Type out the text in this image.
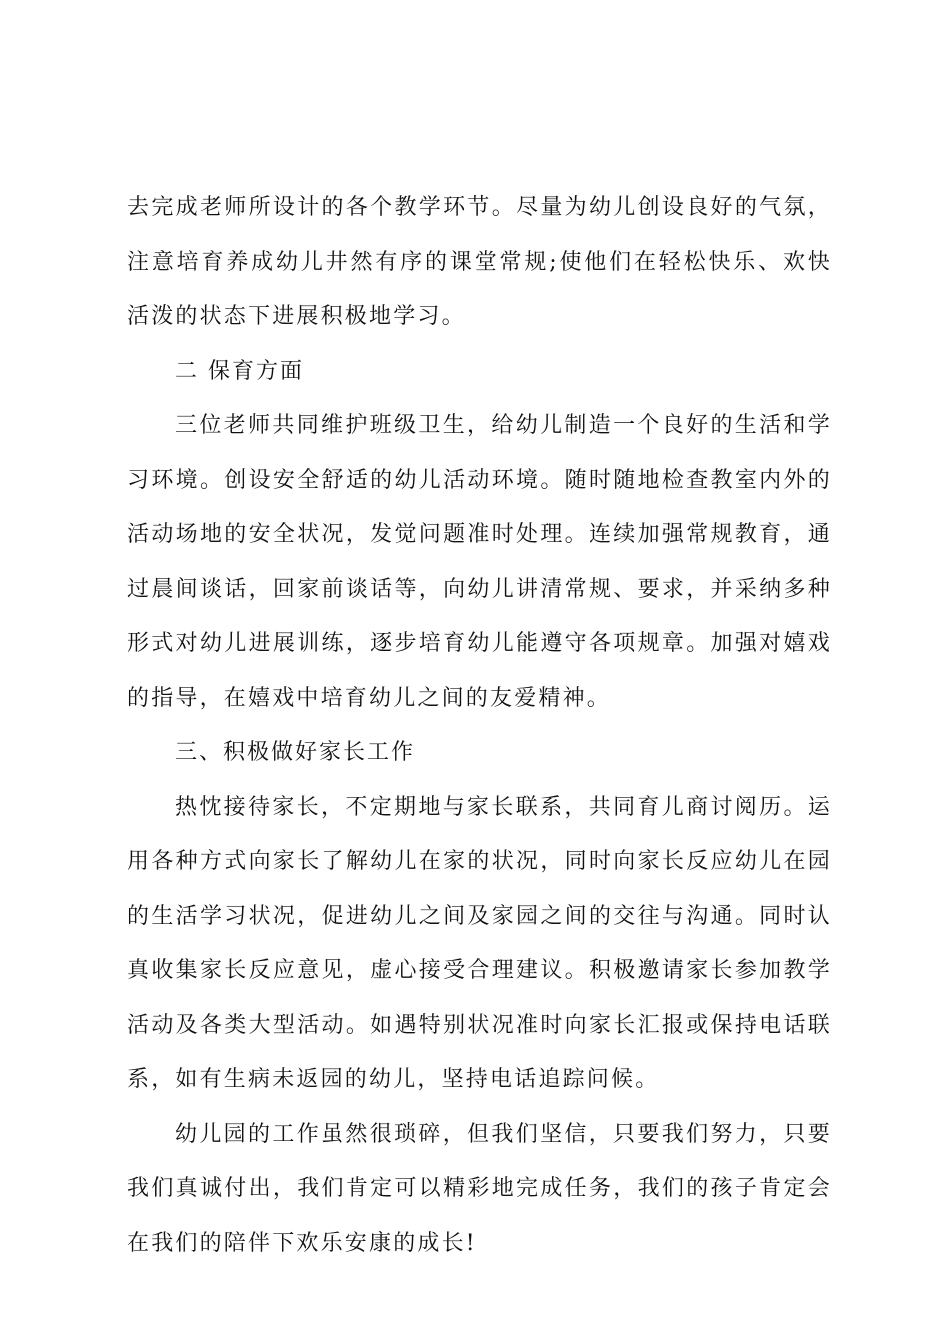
去完成老师所设计的各个教学环节。尽量为幼儿创设良好的气氛，注意培育养成幼儿井然有序的课堂常规;使他们在轻松快乐、欢快活泼的状态下进展积极地学习。

二 保育方面

三位老师共同维护班级卫生，给幼儿制造一个良好的生活和学习环境。创设安全舒适的幼儿活动环境。随时随地检查教室内外的活动场地的安全状况，发觉问题准时处理。连续加强常规教育，通过晨间谈话，回家前谈话等，向幼儿讲清常规、要求，并采纳多种形式对幼儿进展训练，逐步培育幼儿能遵守各项规章。加强对嬉戏的指导，在嬉戏中培育幼儿之间的友爱精神。

三、积极做好家长工作

热忱接待家长，不定期地与家长联系，共同育儿商讨阅历。运用各种方式向家长了解幼儿在家的状况，同时向家长反应幼儿在园的生活学习状况，促进幼儿之间及家园之间的交往与沟通。同时认真收集家长反应意见，虚心接受合理建议。积极邀请家长参加教学活动及各类大型活动。如遇特别状况准时向家长汇报或保持电话联系，如有生病未返园的幼儿，坚持电话追踪问候。

幼儿园的工作虽然很琐碎，但我们坚信，只要我们努力，只要我们真诚付出，我们肯定可以精彩地完成任务，我们的孩子肯定会在我们的陪伴下欢乐安康的成长!
